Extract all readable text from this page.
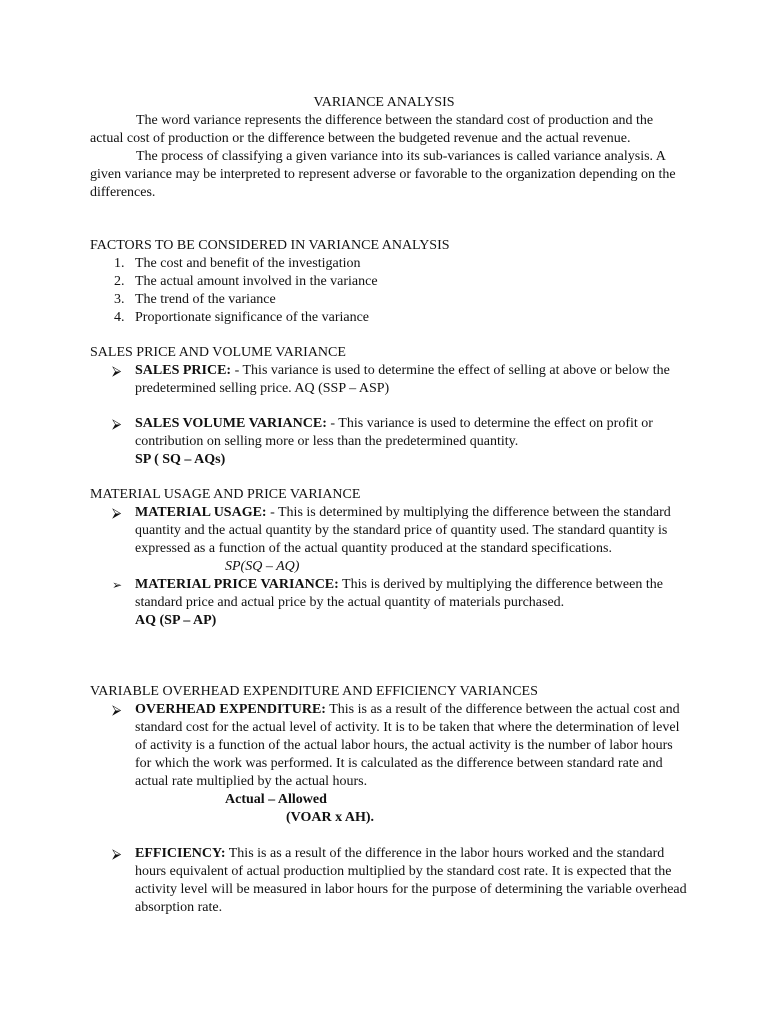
VARIANCE ANALYSIS

The word variance represents the difference between the standard cost of production and the actual cost of production or the difference between the budgeted revenue and the actual revenue.

The process of classifying a given variance into its sub-variances is called variance analysis. A given variance may be interpreted to represent adverse or favorable to the organization depending on the differences.

FACTORS TO BE CONSIDERED IN VARIANCE ANALYSIS

1. The cost and benefit of the investigation
2. The actual amount involved in the variance
3. The trend of the variance
4. Proportionate significance of the variance

SALES PRICE AND VOLUME VARIANCE

⮚ SALES PRICE: - This variance is used to determine the effect of selling at above or below the predetermined selling price. AQ (SSP – ASP)
⮚ SALES VOLUME VARIANCE: - This variance is used to determine the effect on profit or contribution on selling more or less than the predetermined quantity.
SP ( SQ – AQs)

MATERIAL USAGE AND PRICE VARIANCE

⮚ MATERIAL USAGE: - This is determined by multiplying the difference between the standard quantity and the actual quantity by the standard price of quantity used. The standard quantity is expressed as a function of the actual quantity produced at the standard specifications.
SP(SQ – AQ)
➢ MATERIAL PRICE VARIANCE: This is derived by multiplying the difference between the standard price and actual price by the actual quantity of materials purchased.
AQ (SP – AP)

VARIABLE OVERHEAD EXPENDITURE AND EFFICIENCY VARIANCES

⮚ OVERHEAD EXPENDITURE: This is as a result of the difference between the actual cost and standard cost for the actual level of activity. It is to be taken that where the determination of level of activity is a function of the actual labor hours, the actual activity is the number of labor hours for which the work was performed. It is calculated as the difference between standard rate and actual rate multiplied by the actual hours.
Actual – Allowed
(VOAR x AH).
⮚ EFFICIENCY: This is as a result of the difference in the labor hours worked and the standard hours equivalent of actual production multiplied by the standard cost rate. It is expected that the activity level will be measured in labor hours for the purpose of determining the variable overhead absorption rate.
